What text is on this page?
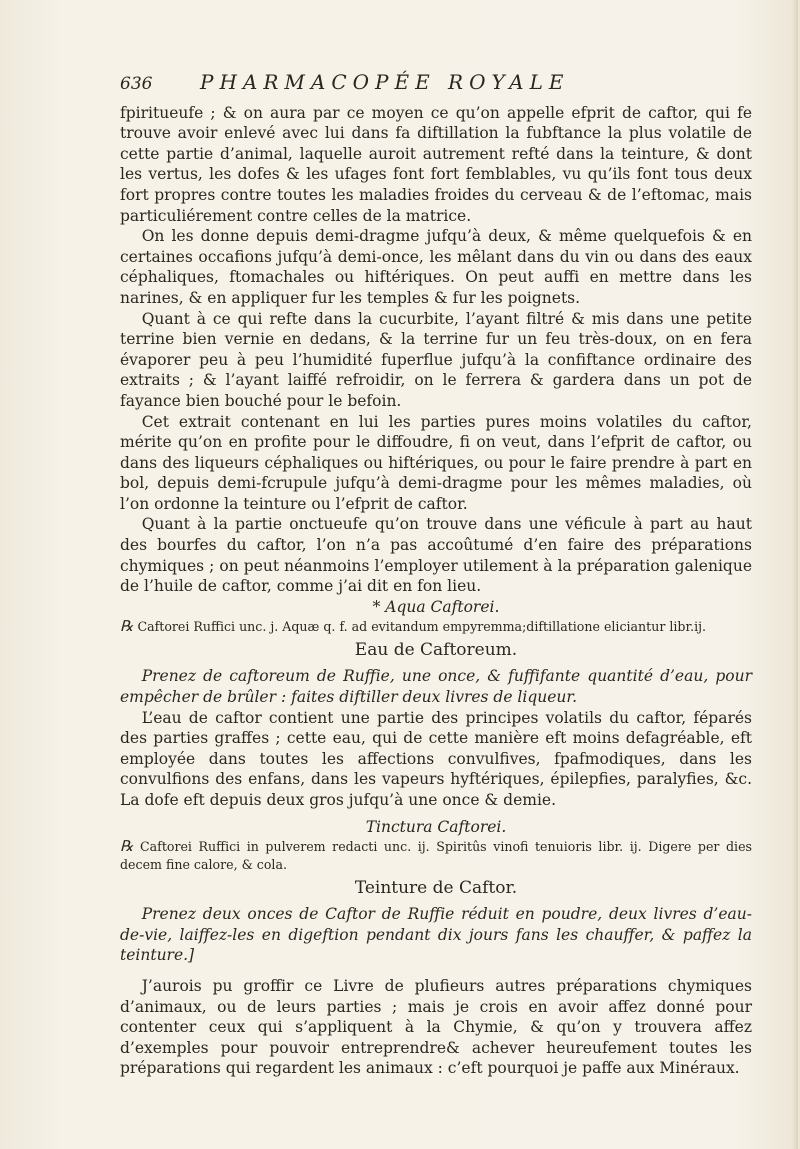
636	PHARMACOPÉE ROYALE

fpiritueufe ; & on aura par ce moyen ce qu’on appelle efprit de caftor, qui fe trouve avoir enlevé avec lui dans fa diftillation la fubftance la plus volatile de cette partie d’animal, laquelle auroit autrement refté dans la teinture, & dont les vertus, les dofes & les ufages font fort femblables, vu qu’ils font tous deux fort propres contre toutes les maladies froides du cerveau & de l’eftomac, mais particuliérement contre celles de la matrice.

On les donne depuis demi-dragme jufqu’à deux, & même quelquefois & en certaines occafions jufqu’à demi-once, les mêlant dans du vin ou dans des eaux céphaliques, ftomachales ou hiftériques. On peut auffi en mettre dans les narines, & en appliquer fur les temples & fur les poignets.

Quant à ce qui refte dans la cucurbite, l’ayant filtré & mis dans une petite terrine bien vernie en dedans, & la terrine fur un feu très-doux, on en fera évaporer peu à peu l’humidité fuperflue jufqu’à la confiftance ordinaire des extraits ; & l’ayant laiffé refroidir, on le ferrera & gardera dans un pot de fayance bien bouché pour le befoin.

Cet extrait contenant en lui les parties pures moins volatiles du caftor, mérite qu’on en profite pour le diffoudre, fi on veut, dans l’efprit de caftor, ou dans des liqueurs céphaliques ou hiftériques, ou pour le faire prendre à part en bol, depuis demi-fcrupule jufqu’à demi-dragme pour les mêmes maladies, où l’on ordonne la teinture ou l’efprit de caftor.

Quant à la partie onctueufe qu’on trouve dans une véficule à part au haut des bourfes du caftor, l’on n’a pas accoûtumé d’en faire des préparations chymiques ; on peut néanmoins l’employer utilement à la préparation galenique de l’huile de caftor, comme j’ai dit en fon lieu.

* Aqua Caftorei.

℞ Caftorei Ruffici unc. j. Aquæ q. f. ad evitandum empyremma;diftillatione eliciantur libr.ij.

Eau de Caftoreum.

Prenez de caftoreum de Ruffie, une once, & fuffifante quantité d’eau, pour empêcher de brûler : faites diftiller deux livres de liqueur.

L’eau de caftor contient une partie des principes volatils du caftor, féparés des parties graffes ; cette eau, qui de cette manière eft moins defagréable, eft employée dans toutes les affections convulfives, fpafmodiques, dans les convulfions des enfans, dans les vapeurs hyftériques, épilepfies, paralyfies, &c. La dofe eft depuis deux gros jufqu’à une once & demie.

Tinctura Caftorei.

℞ Caftorei Ruffici in pulverem redacti unc. ij. Spiritûs vinofi tenuioris libr. ij. Digere per dies decem fine calore, & cola.

Teinture de Caftor.

Prenez deux onces de Caftor de Ruffie réduit en poudre, deux livres d’eau-de-vie, laiffez-les en digeftion pendant dix jours fans les chauffer, & paffez la teinture.]

J’aurois pu groffir ce Livre de plufieurs autres préparations chymiques d’animaux, ou de leurs parties ; mais je crois en avoir affez donné pour contenter ceux qui s’appliquent à la Chymie, & qu’on y trouvera affez d’exemples pour pouvoir entreprendre& achever heureufement toutes les préparations qui regardent les animaux : c’eft pourquoi je paffe aux Minéraux.
